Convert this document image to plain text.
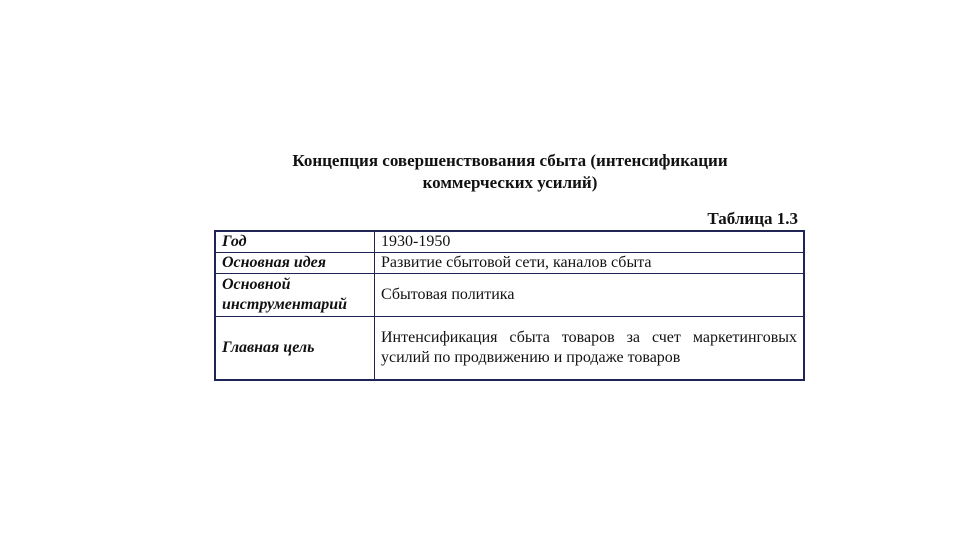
Концепция совершенствования сбыта (интенсификации
коммерческих усилий)
Таблица 1.3
Год	1930-1950
Основная идея	Развитие сбытовой сети, каналов сбыта
Основной инструментарий	Сбытовая политика
Главная цель	Интенсификация сбыта товаров за счет маркетинговых усилий по продвижению и продаже товаров
